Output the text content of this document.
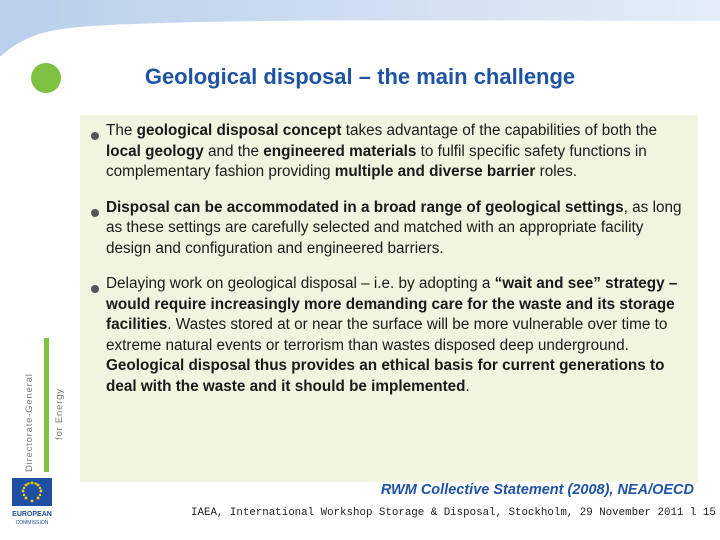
Geological disposal – the main challenge
The geological disposal concept takes advantage of the capabilities of both the local geology and the engineered materials to fulfil specific safety functions in complementary fashion providing multiple and diverse barrier roles.
Disposal can be accommodated in a broad range of geological settings, as long as these settings are carefully selected and matched with an appropriate facility design and configuration and engineered barriers.
Delaying work on geological disposal – i.e. by adopting a “wait and see” strategy – would require increasingly more demanding care for the waste and its storage facilities. Wastes stored at or near the surface will be more vulnerable over time to extreme natural events or terrorism than wastes disposed deep underground. Geological disposal thus provides an ethical basis for current generations to deal with the waste and it should be implemented.
RWM Collective Statement (2008), NEA/OECD
IAEA, International Workshop Storage & Disposal, Stockholm, 29 November 2011 l 15
Directorate-General for Energy
EUROPEAN
COMMISSION
